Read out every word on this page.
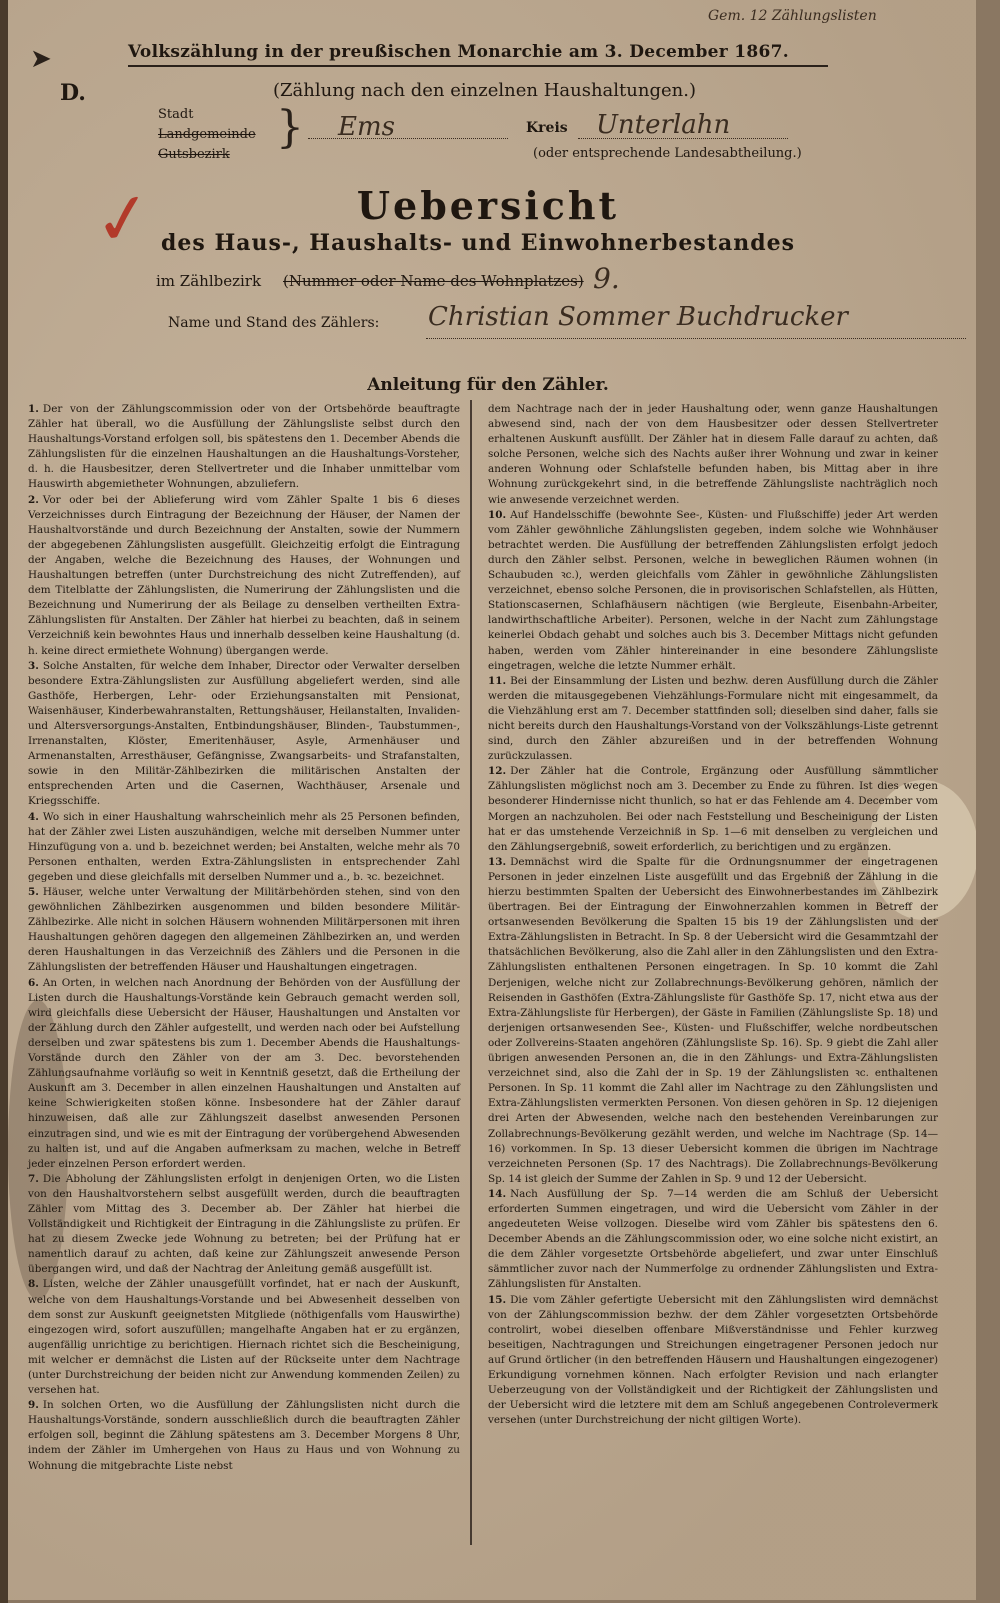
Gem. 12 Zählungslisten
➤	Volkszählung in der preußischen Monarchie am 3. December 1867.
D.	(Zählung nach den einzelnen Haushaltungen.)
Stadt
Landgemeinde
Gutsbezirk
} Ems	Kreis Unterlahn
(oder entsprechende Landesabtheilung.)
✓	Uebersicht
des Haus-, Haushalts- und Einwohnerbestandes
im Zählbezirk (Nummer oder Name des Wohnplatzes) 9.
Name und Stand des Zählers: Christian Sommer Buchdrucker
Anleitung für den Zähler.

1. Der von der Zählungscommission oder von der Ortsbehörde beauftragte Zähler hat überall, wo die Ausfüllung der Zählungsliste selbst durch den Haushaltungs-Vorstand erfolgen soll, bis spätestens den 1. December Abends die Zählungslisten für die einzelnen Haushaltungen an die Haushaltungs-Vorsteher, d. h. die Hausbesitzer, deren Stellvertreter und die Inhaber unmittelbar vom Hauswirth abgemietheter Wohnungen, abzuliefern.

2. Vor oder bei der Ablieferung wird vom Zähler Spalte 1 bis 6 dieses Verzeichnisses durch Eintragung der Bezeichnung der Häuser, der Namen der Haushaltvorstände und durch Bezeichnung der Anstalten, sowie der Nummern der abgegebenen Zählungslisten ausgefüllt. Gleichzeitig erfolgt die Eintragung der Angaben, welche die Bezeichnung des Hauses, der Wohnungen und Haushaltungen betreffen (unter Durchstreichung des nicht Zutreffenden), auf dem Titelblatte der Zählungslisten, die Numerirung der Zählungslisten und die Bezeichnung und Numerirung der als Beilage zu denselben vertheilten Extra-Zählungslisten für Anstalten. Der Zähler hat hierbei zu beachten, daß in seinem Verzeichniß kein bewohntes Haus und innerhalb desselben keine Haushaltung (d. h. keine direct ermiethete Wohnung) übergangen werde.

3. Solche Anstalten, für welche dem Inhaber, Director oder Verwalter derselben besondere Extra-Zählungslisten zur Ausfüllung abgeliefert werden, sind alle Gasthöfe, Herbergen, Lehr- oder Erziehungsanstalten mit Pensionat, Waisenhäuser, Kinderbewahranstalten, Rettungshäuser, Heilanstalten, Invaliden- und Altersversorgungs-Anstalten, Entbindungshäuser, Blinden-, Taubstummen-, Irrenanstalten, Klöster, Emeritenhäuser, Asyle, Armenhäuser und Armenanstalten, Arresthäuser, Gefängnisse, Zwangsarbeits- und Strafanstalten, sowie in den Militär-Zählbezirken die militärischen Anstalten der entsprechenden Arten und die Casernen, Wachthäuser, Arsenale und Kriegsschiffe.

4. Wo sich in einer Haushaltung wahrscheinlich mehr als 25 Personen befinden, hat der Zähler zwei Listen auszuhändigen, welche mit derselben Nummer unter Hinzufügung von a. und b. bezeichnet werden; bei Anstalten, welche mehr als 70 Personen enthalten, werden Extra-Zählungslisten in entsprechender Zahl gegeben und diese gleichfalls mit derselben Nummer und a., b. ꝛc. bezeichnet.

5. Häuser, welche unter Verwaltung der Militärbehörden stehen, sind von den gewöhnlichen Zählbezirken ausgenommen und bilden besondere Militär-Zählbezirke. Alle nicht in solchen Häusern wohnenden Militärpersonen mit ihren Haushaltungen gehören dagegen den allgemeinen Zählbezirken an, und werden deren Haushaltungen in das Verzeichniß des Zählers und die Personen in die Zählungslisten der betreffenden Häuser und Haushaltungen eingetragen.

6. An Orten, in welchen nach Anordnung der Behörden von der Ausfüllung der Listen durch die Haushaltungs-Vorstände kein Gebrauch gemacht werden soll, wird gleichfalls diese Uebersicht der Häuser, Haushaltungen und Anstalten vor der Zählung durch den Zähler aufgestellt, und werden nach oder bei Aufstellung derselben und zwar spätestens bis zum 1. December Abends die Haushaltungs-Vorstände durch den Zähler von der am 3. Dec. bevorstehenden Zählungsaufnahme vorläufig so weit in Kenntniß gesetzt, daß die Ertheilung der Auskunft am 3. December in allen einzelnen Haushaltungen und Anstalten auf keine Schwierigkeiten stoßen könne. Insbesondere hat der Zähler darauf hinzuweisen, daß alle zur Zählungszeit daselbst anwesenden Personen einzutragen sind, und wie es mit der Eintragung der vorübergehend Abwesenden zu halten ist, und auf die Angaben aufmerksam zu machen, welche in Betreff jeder einzelnen Person erfordert werden.

7. Die Abholung der Zählungslisten erfolgt in denjenigen Orten, wo die Listen von den Haushaltvorstehern selbst ausgefüllt werden, durch die beauftragten Zähler vom Mittag des 3. December ab. Der Zähler hat hierbei die Vollständigkeit und Richtigkeit der Eintragung in die Zählungsliste zu prüfen. Er hat zu diesem Zwecke jede Wohnung zu betreten; bei der Prüfung hat er namentlich darauf zu achten, daß keine zur Zählungszeit anwesende Person übergangen wird, und daß der Nachtrag der Anleitung gemäß ausgefüllt ist.

8. Listen, welche der Zähler unausgefüllt vorfindet, hat er nach der Auskunft, welche von dem Haushaltungs-Vorstande und bei Abwesenheit desselben von dem sonst zur Auskunft geeignetsten Mitgliede (nöthigenfalls vom Hauswirthe) eingezogen wird, sofort auszufüllen; mangelhafte Angaben hat er zu ergänzen, augenfällig unrichtige zu berichtigen. Hiernach richtet sich die Bescheinigung, mit welcher er demnächst die Listen auf der Rückseite unter dem Nachtrage (unter Durchstreichung der beiden nicht zur Anwendung kommenden Zeilen) zu versehen hat.

9. In solchen Orten, wo die Ausfüllung der Zählungslisten nicht durch die Haushaltungs-Vorstände, sondern ausschließlich durch die beauftragten Zähler erfolgen soll, beginnt die Zählung spätestens am 3. December Morgens 8 Uhr, indem der Zähler im Umhergehen von Haus zu Haus und von Wohnung zu Wohnung die mitgebrachte Liste nebst

dem Nachtrage nach der in jeder Haushaltung oder, wenn ganze Haushaltungen abwesend sind, nach der von dem Hausbesitzer oder dessen Stellvertreter erhaltenen Auskunft ausfüllt. Der Zähler hat in diesem Falle darauf zu achten, daß solche Personen, welche sich des Nachts außer ihrer Wohnung und zwar in keiner anderen Wohnung oder Schlafstelle befunden haben, bis Mittag aber in ihre Wohnung zurückgekehrt sind, in die betreffende Zählungsliste nachträglich noch wie anwesende verzeichnet werden.

10. Auf Handelsschiffe (bewohnte See-, Küsten- und Flußschiffe) jeder Art werden vom Zähler gewöhnliche Zählungslisten gegeben, indem solche wie Wohnhäuser betrachtet werden. Die Ausfüllung der betreffenden Zählungslisten erfolgt jedoch durch den Zähler selbst. Personen, welche in beweglichen Räumen wohnen (in Schaubuden ꝛc.), werden gleichfalls vom Zähler in gewöhnliche Zählungslisten verzeichnet, ebenso solche Personen, die in provisorischen Schlafstellen, als Hütten, Stationscasernen, Schlafhäusern nächtigen (wie Bergleute, Eisenbahn-Arbeiter, landwirthschaftliche Arbeiter). Personen, welche in der Nacht zum Zählungstage keinerlei Obdach gehabt und solches auch bis 3. December Mittags nicht gefunden haben, werden vom Zähler hintereinander in eine besondere Zählungsliste eingetragen, welche die letzte Nummer erhält.

11. Bei der Einsammlung der Listen und bezhw. deren Ausfüllung durch die Zähler werden die mitausgegebenen Viehzählungs-Formulare nicht mit eingesammelt, da die Viehzählung erst am 7. December stattfinden soll; dieselben sind daher, falls sie nicht bereits durch den Haushaltungs-Vorstand von der Volkszählungs-Liste getrennt sind, durch den Zähler abzureißen und in der betreffenden Wohnung zurückzulassen.

12. Der Zähler hat die Controle, Ergänzung oder Ausfüllung sämmtlicher Zählungslisten möglichst noch am 3. December zu Ende zu führen. Ist dies wegen besonderer Hindernisse nicht thunlich, so hat er das Fehlende am 4. December vom Morgen an nachzuholen. Bei oder nach Feststellung und Bescheinigung der Listen hat er das umstehende Verzeichniß in Sp. 1—6 mit denselben zu vergleichen und den Zählungsergebniß, soweit erforderlich, zu berichtigen und zu ergänzen.

13. Demnächst wird die Spalte für die Ordnungsnummer der eingetragenen Personen in jeder einzelnen Liste ausgefüllt und das Ergebniß der Zählung in die hierzu bestimmten Spalten der Uebersicht des Einwohnerbestandes im Zählbezirk übertragen. Bei der Eintragung der Einwohnerzahlen kommen in Betreff der ortsanwesenden Bevölkerung die Spalten 15 bis 19 der Zählungslisten und der Extra-Zählungslisten in Betracht. In Sp. 8 der Uebersicht wird die Gesammtzahl der thatsächlichen Bevölkerung, also die Zahl aller in den Zählungslisten und den Extra-Zählungslisten enthaltenen Personen eingetragen. In Sp. 10 kommt die Zahl Derjenigen, welche nicht zur Zollabrechnungs-Bevölkerung gehören, nämlich der Reisenden in Gasthöfen (Extra-Zählungsliste für Gasthöfe Sp. 17, nicht etwa aus der Extra-Zählungsliste für Herbergen), der Gäste in Familien (Zählungsliste Sp. 18) und derjenigen ortsanwesenden See-, Küsten- und Flußschiffer, welche nordbeutschen oder Zollvereins-Staaten angehören (Zählungsliste Sp. 16). Sp. 9 giebt die Zahl aller übrigen anwesenden Personen an, die in den Zählungs- und Extra-Zählungslisten verzeichnet sind, also die Zahl der in Sp. 19 der Zählungslisten ꝛc. enthaltenen Personen. In Sp. 11 kommt die Zahl aller im Nachtrage zu den Zählungslisten und Extra-Zählungslisten vermerkten Personen. Von diesen gehören in Sp. 12 diejenigen drei Arten der Abwesenden, welche nach den bestehenden Vereinbarungen zur Zollabrechnungs-Bevölkerung gezählt werden, und welche im Nachtrage (Sp. 14—16) vorkommen. In Sp. 13 dieser Uebersicht kommen die übrigen im Nachtrage verzeichneten Personen (Sp. 17 des Nachtrags). Die Zollabrechnungs-Bevölkerung Sp. 14 ist gleich der Summe der Zahlen in Sp. 9 und 12 der Uebersicht.

14. Nach Ausfüllung der Sp. 7—14 werden die am Schluß der Uebersicht erforderten Summen eingetragen, und wird die Uebersicht vom Zähler in der angedeuteten Weise vollzogen. Dieselbe wird vom Zähler bis spätestens den 6. December Abends an die Zählungscommission oder, wo eine solche nicht existirt, an die dem Zähler vorgesetzte Ortsbehörde abgeliefert, und zwar unter Einschluß sämmtlicher zuvor nach der Nummerfolge zu ordnender Zählungslisten und Extra-Zählungslisten für Anstalten.

15. Die vom Zähler gefertigte Uebersicht mit den Zählungslisten wird demnächst von der Zählungscommission bezhw. der dem Zähler vorgesetzten Ortsbehörde controlirt, wobei dieselben offenbare Mißverständnisse und Fehler kurzweg beseitigen, Nachtragungen und Streichungen eingetragener Personen jedoch nur auf Grund örtlicher (in den betreffenden Häusern und Haushaltungen eingezogener) Erkundigung vornehmen können. Nach erfolgter Revision und nach erlangter Ueberzeugung von der Vollständigkeit und der Richtigkeit der Zählungslisten und der Uebersicht wird die letztere mit dem am Schluß angegebenen Controlevermerk versehen (unter Durchstreichung der nicht giltigen Worte).
